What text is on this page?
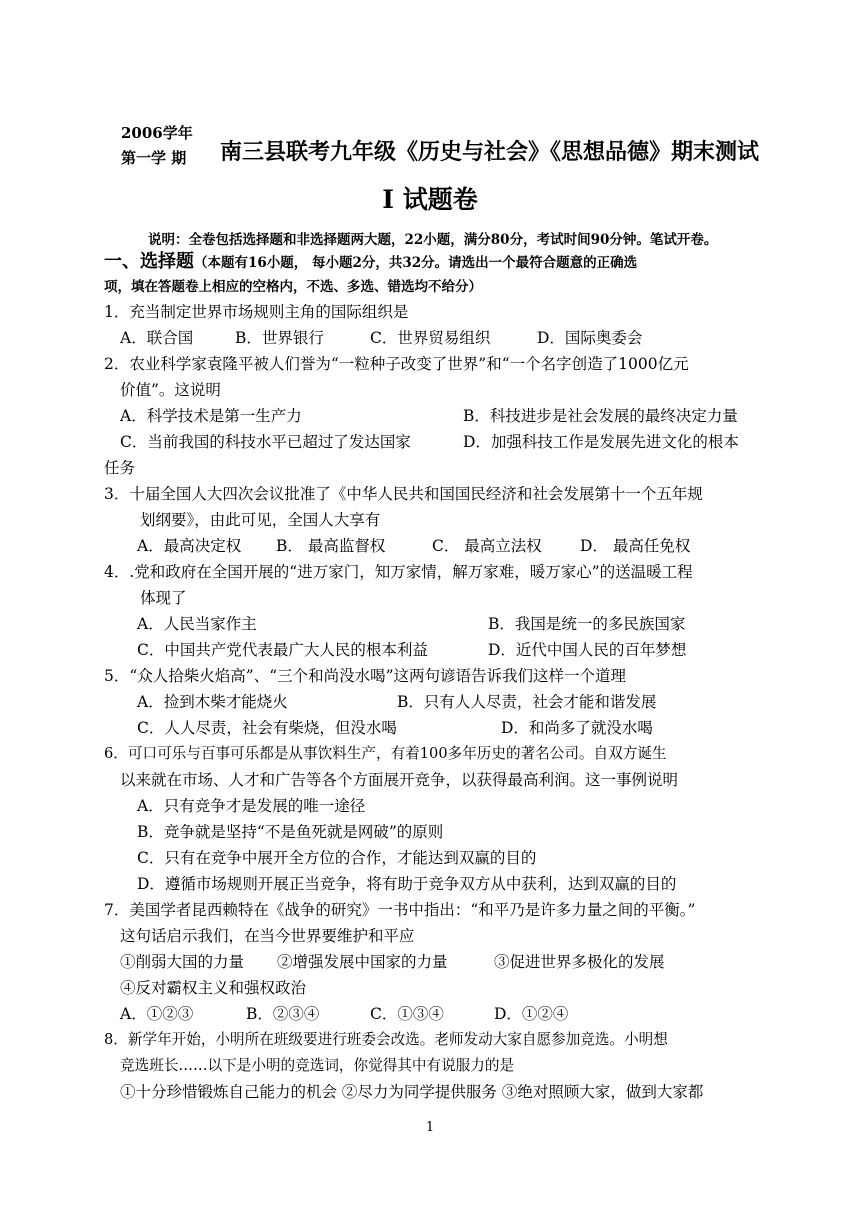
2006学年
第一学 期 南三县联考九年级《历史与社会》《思想品德》期末测试
I 试题卷
说明：全卷包括选择题和非选择题两大题，22小题，满分80分，考试时间90分钟。笔试开卷。
一、选择题（本题有16小题， 每小题2分，共32分。请选出一个最符合题意的正确选
项，填在答题卷上相应的空格内，不选、多选、错选均不给分）
1．充当制定世界市场规则主角的国际组织是
A．联合国	B．世界银行	C．世界贸易组织	D．国际奥委会
2．农业科学家袁隆平被人们誉为“一粒种子改变了世界”和“一个名字创造了1000亿元
价值”。这说明
A．科学技术是第一生产力	B．科技进步是社会发展的最终决定力量
C．当前我国的科技水平已超过了发达国家	D．加强科技工作是发展先进文化的根本
任务
3．十届全国人大四次会议批准了《中华人民共和国国民经济和社会发展第十一个五年规
划纲要》，由此可见，全国人大享有
A．最高决定权 B． 最高监督权	C． 最高立法权 D． 最高任免权
4．.党和政府在全国开展的“进万家门，知万家情，解万家难，暖万家心”的送温暖工程
体现了
A．人民当家作主	B．我国是统一的多民族国家
C．中国共产党代表最广大人民的根本利益	D．近代中国人民的百年梦想
5．“众人拾柴火焰高”、“三个和尚没水喝”这两句谚语告诉我们这样一个道理
A．捡到木柴才能烧火	B．只有人人尽责，社会才能和谐发展
C．人人尽责，社会有柴烧，但没水喝	D．和尚多了就没水喝
6．可口可乐与百事可乐都是从事饮料生产，有着100多年历史的著名公司。自双方诞生
以来就在市场、人才和广告等各个方面展开竞争，以获得最高利润。这一事例说明
A．只有竞争才是发展的唯一途径
B．竞争就是坚持“不是鱼死就是网破”的原则
C．只有在竞争中展开全方位的合作，才能达到双赢的目的
D．遵循市场规则开展正当竞争，将有助于竞争双方从中获利，达到双赢的目的
7．美国学者昆西赖特在《战争的研究》一书中指出：“和平乃是许多力量之间的平衡。”
这句话启示我们，在当今世界要维护和平应
①削弱大国的力量 ②增强发展中国家的力量	③促进世界多极化的发展
④反对霸权主义和强权政治
A．①②③	B．②③④	C．①③④	D．①②④
8．新学年开始，小明所在班级要进行班委会改选。老师发动大家自愿参加竞选。小明想
竞选班长……以下是小明的竞选词，你觉得其中有说服力的是
①十分珍惜锻炼自己能力的机会 ②尽力为同学提供服务 ③绝对照顾大家，做到大家都
1
